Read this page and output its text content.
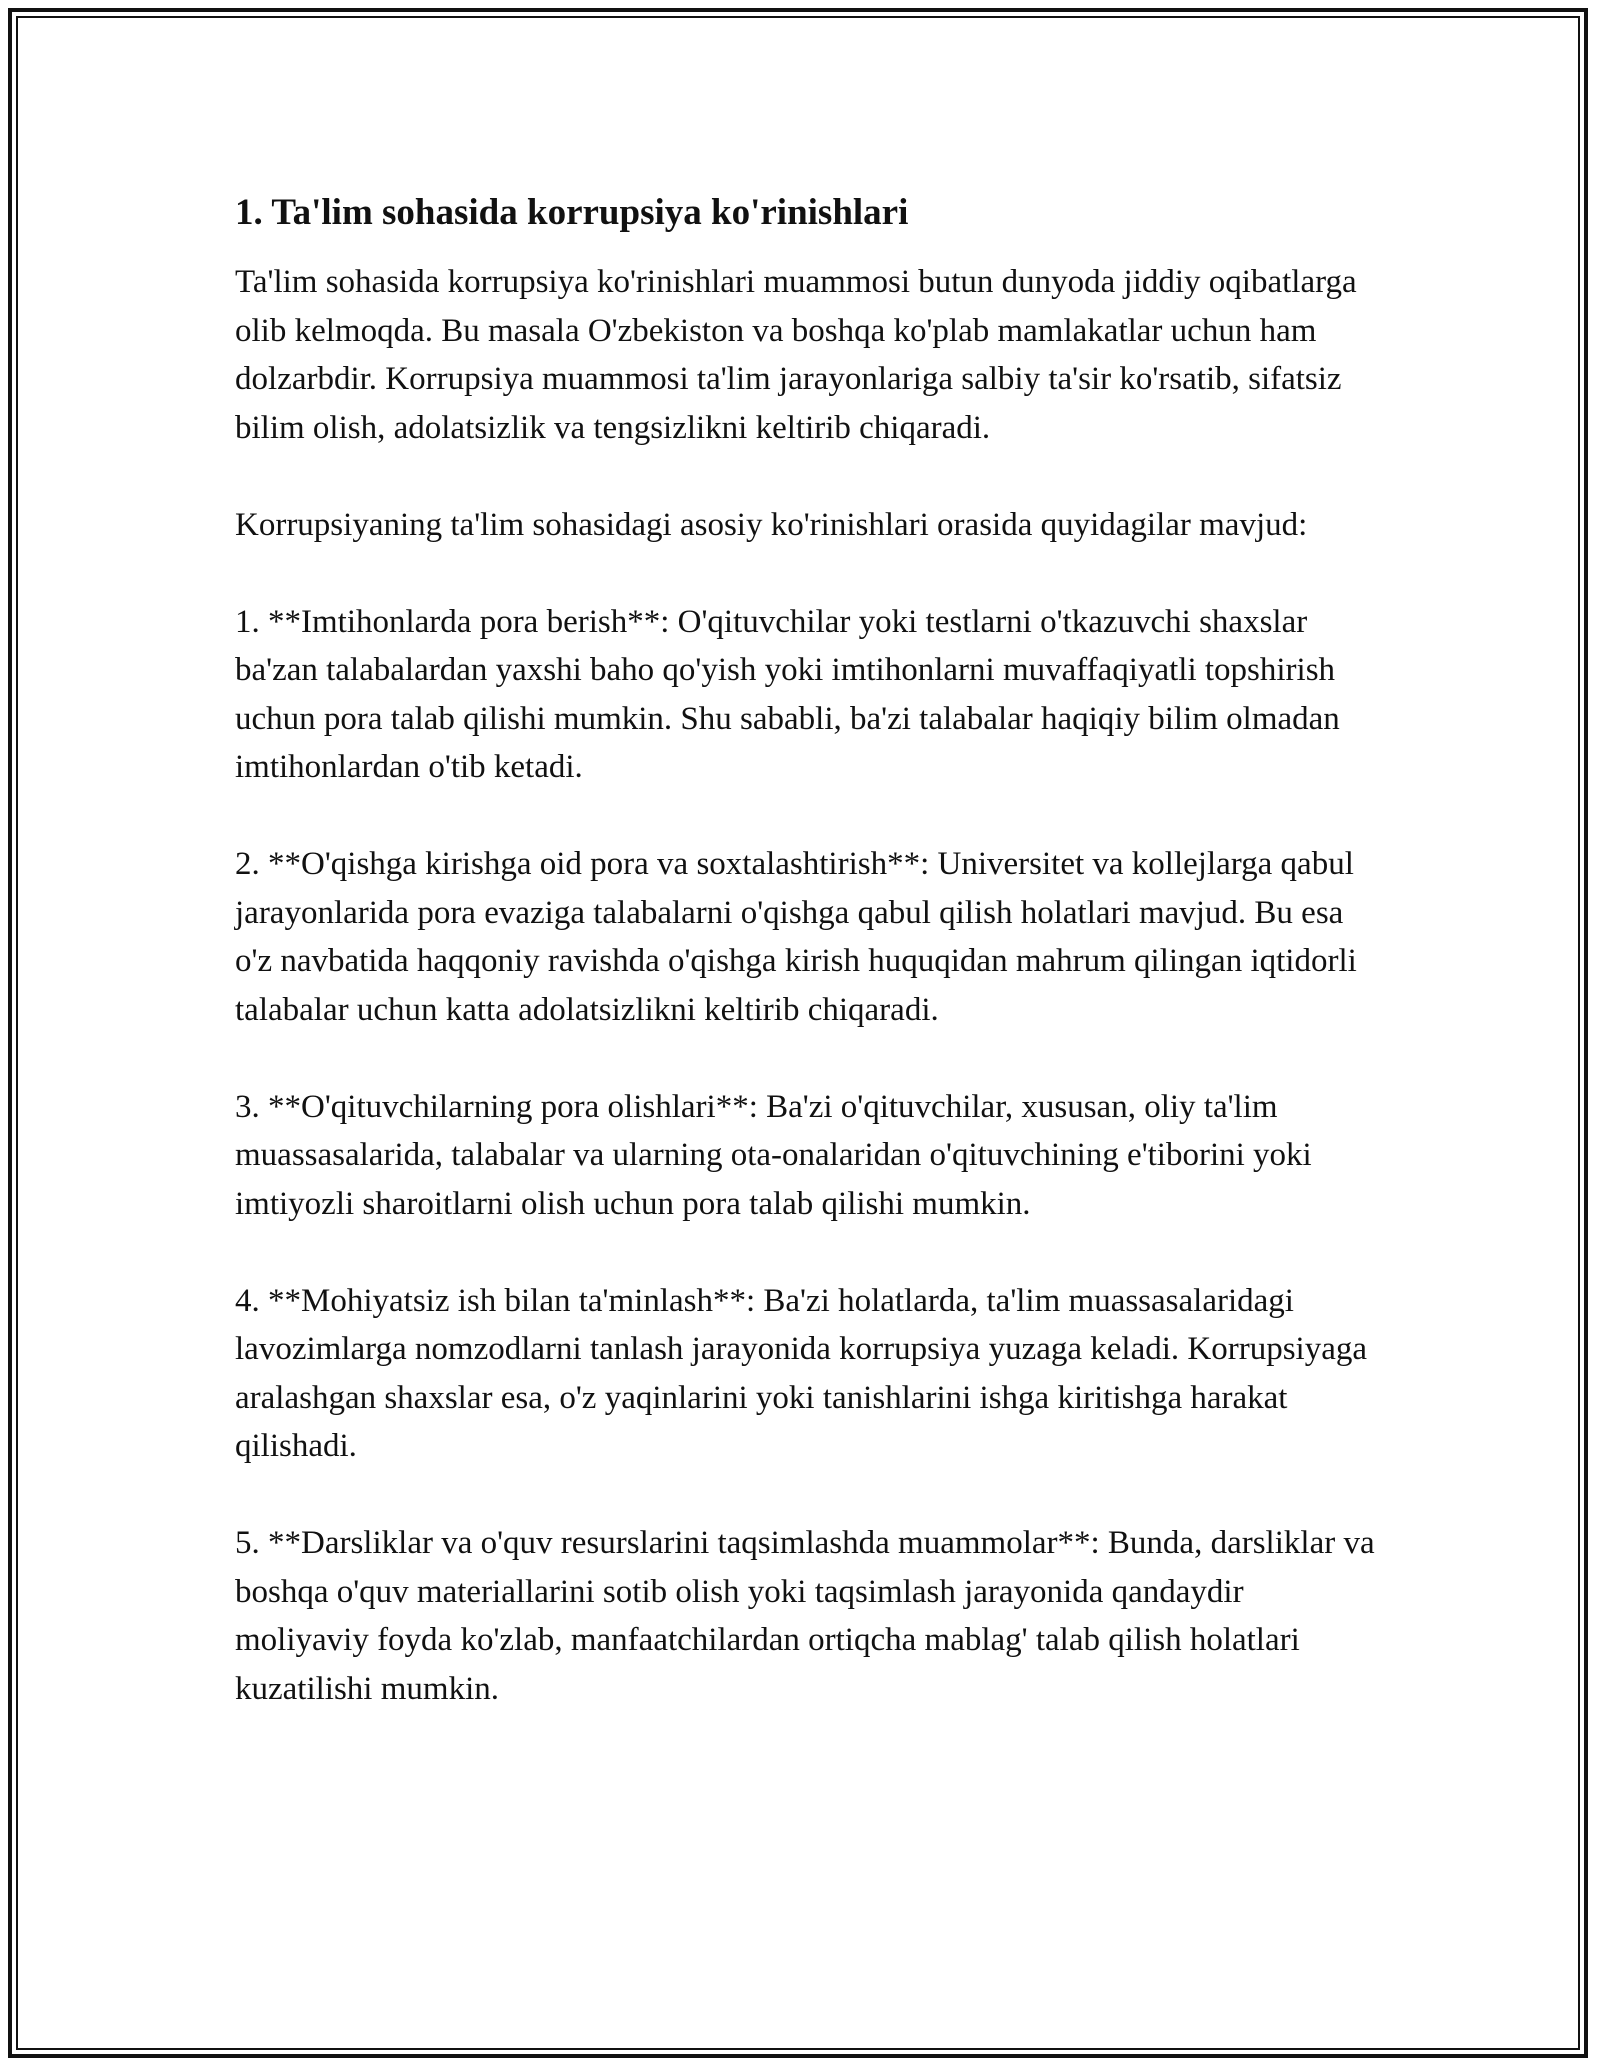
1. Ta'lim sohasida korrupsiya ko'rinishlari

Ta'lim sohasida korrupsiya ko'rinishlari muammosi butun dunyoda jiddiy oqibatlarga olib kelmoqda. Bu masala O'zbekiston va boshqa ko'plab mamlakatlar uchun ham dolzarbdir. Korrupsiya muammosi ta'lim jarayonlariga salbiy ta'sir ko'rsatib, sifatsiz bilim olish, adolatsizlik va tengsizlikni keltirib chiqaradi.

Korrupsiyaning ta'lim sohasidagi asosiy ko'rinishlari orasida quyidagilar mavjud:

1. **Imtihonlarda pora berish**: O'qituvchilar yoki testlarni o'tkazuvchi shaxslar ba'zan talabalardan yaxshi baho qo'yish yoki imtihonlarni muvaffaqiyatli topshirish uchun pora talab qilishi mumkin. Shu sababli, ba'zi talabalar haqiqiy bilim olmadan imtihonlardan o'tib ketadi.

2. **O'qishga kirishga oid pora va soxtalashtirish**: Universitet va kollejlarga qabul jarayonlarida pora evaziga talabalarni o'qishga qabul qilish holatlari mavjud. Bu esa o'z navbatida haqqoniy ravishda o'qishga kirish huquqidan mahrum qilingan iqtidorli talabalar uchun katta adolatsizlikni keltirib chiqaradi.

3. **O'qituvchilarning pora olishlari**: Ba'zi o'qituvchilar, xususan, oliy ta'lim muassasalarida, talabalar va ularning ota-onalaridan o'qituvchining e'tiborini yoki imtiyozli sharoitlarni olish uchun pora talab qilishi mumkin.

4. **Mohiyatsiz ish bilan ta'minlash**: Ba'zi holatlarda, ta'lim muassasalaridagi lavozimlarga nomzodlarni tanlash jarayonida korrupsiya yuzaga keladi. Korrupsiyaga aralashgan shaxslar esa, o'z yaqinlarini yoki tanishlarini ishga kiritishga harakat qilishadi.

5. **Darsliklar va o'quv resurslarini taqsimlashda muammolar**: Bunda, darsliklar va boshqa o'quv materiallarini sotib olish yoki taqsimlash jarayonida qandaydir moliyaviy foyda ko'zlab, manfaatchilardan ortiqcha mablag' talab qilish holatlari kuzatilishi mumkin.
